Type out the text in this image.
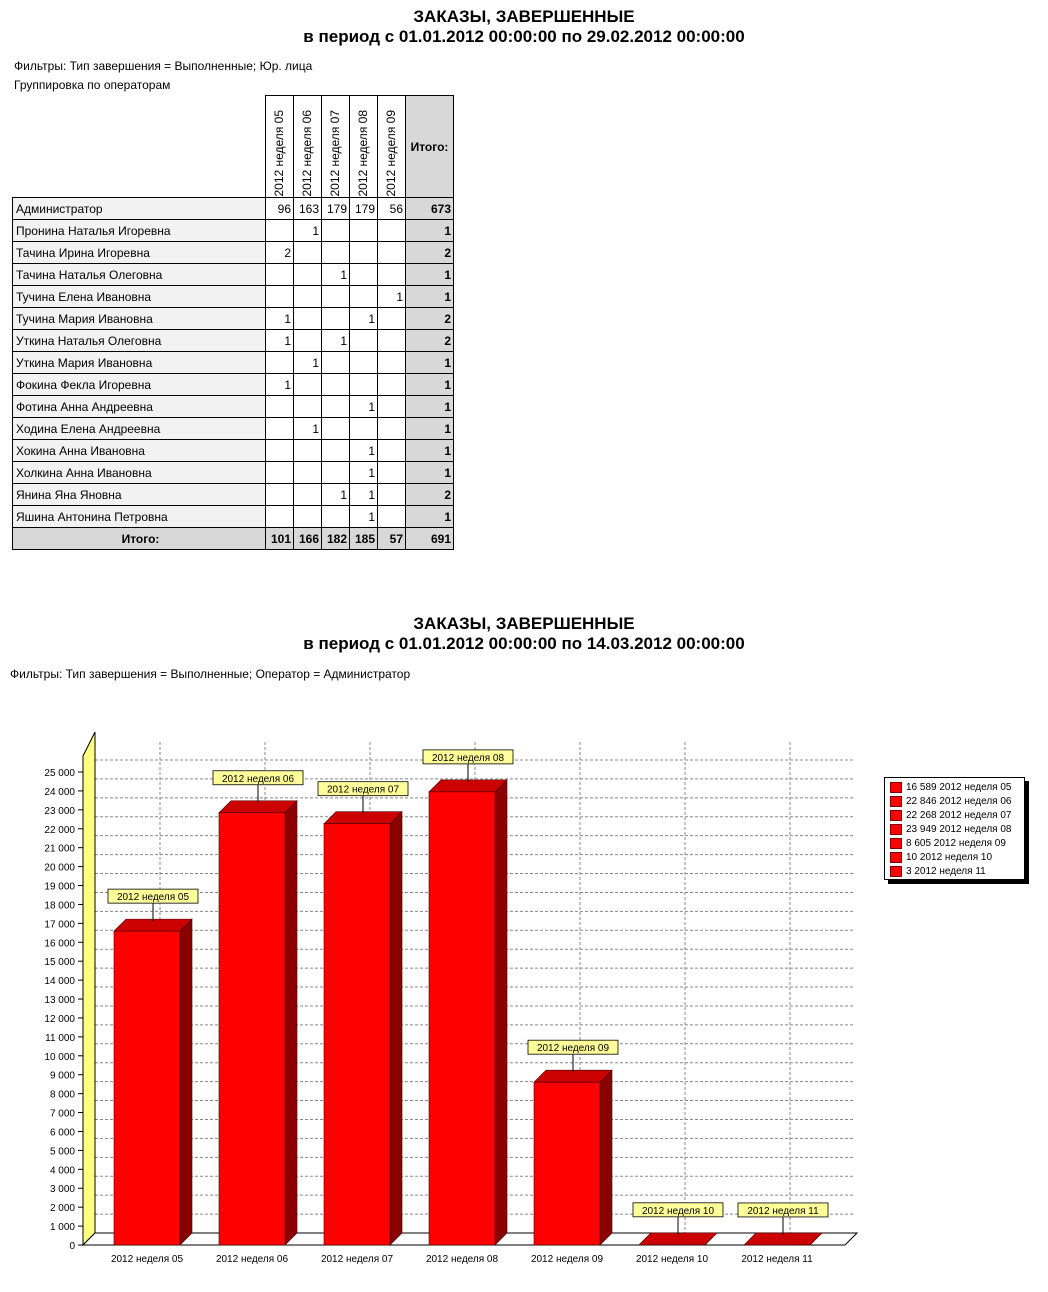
ЗАКАЗЫ, ЗАВЕРШЕННЫЕ
в период с 01.01.2012 00:00:00 по 29.02.2012 00:00:00
Фильтры: Тип завершения = Выполненные; Юр. лица
Группировка по операторам

	2012 неделя 05	2012 неделя 06	2012 неделя 07	2012 неделя 08	2012 неделя 09	Итого:
Администратор	96	163	179	179	56	673
Пронина Наталья Игоревна		1				1
Тачина Ирина Игоревна	2					2
Тачина Наталья Олеговна			1			1
Тучина Елена Ивановна					1	1
Тучина Мария Ивановна	1			1		2
Уткина Наталья Олеговна	1		1			2
Уткина Мария Ивановна		1				1
Фокина Фекла Игоревна	1					1
Фотина Анна Андреевна				1		1
Ходина Елена Андреевна		1				1
Хокина Анна Ивановна				1		1
Холкина Анна Ивановна				1		1
Янина Яна Яновна			1	1		2
Яшина Антонина Петровна				1		1
Итого:	101	166	182	185	57	691
ЗАКАЗЫ, ЗАВЕРШЕННЫЕ
в период с 01.01.2012 00:00:00 по 14.03.2012 00:00:00
Фильтры: Тип завершения = Выполненные; Оператор = Администратор
0
1 000
2 000
3 000
4 000
5 000
6 000
7 000
8 000
9 000
10 000
11 000
12 000
13 000
14 000
15 000
16 000
17 000
18 000
19 000
20 000
21 000
22 000
23 000
24 000
25 000
2012 неделя 05
2012 неделя 05
2012 неделя 06
2012 неделя 06
2012 неделя 07
2012 неделя 07
2012 неделя 08
2012 неделя 08
2012 неделя 09
2012 неделя 09
2012 неделя 10
2012 неделя 10
2012 неделя 11
2012 неделя 11
16 589 2012 неделя 05
22 846 2012 неделя 06
22 268 2012 неделя 07
23 949 2012 неделя 08
8 605 2012 неделя 09
10 2012 неделя 10
3 2012 неделя 11
